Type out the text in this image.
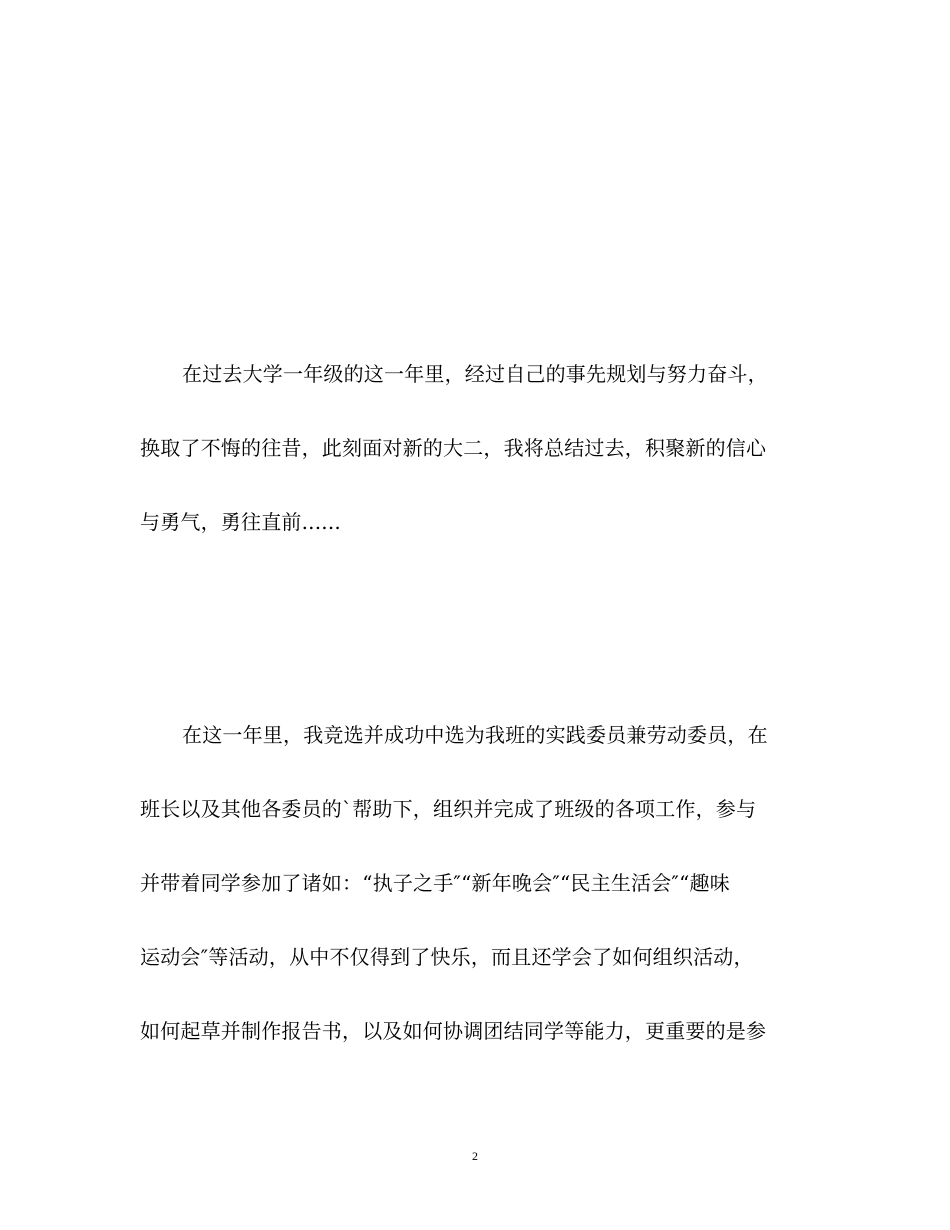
在过去大学一年级的这一年里，经过自己的事先规划与努力奋斗，
换取了不悔的往昔，此刻面对新的大二，我将总结过去，积聚新的信心
与勇气，勇往直前......
在这一年里，我竞选并成功中选为我班的实践委员兼劳动委员，在
班长以及其他各委员的`帮助下，组织并完成了班级的各项工作，参与
并带着同学参加了诸如：“执子之手″“新年晚会″“民主生活会″“趣味
运动会″等活动，从中不仅得到了快乐，而且还学会了如何组织活动，
如何起草并制作报告书，以及如何协调团结同学等能力，更重要的是参
2
